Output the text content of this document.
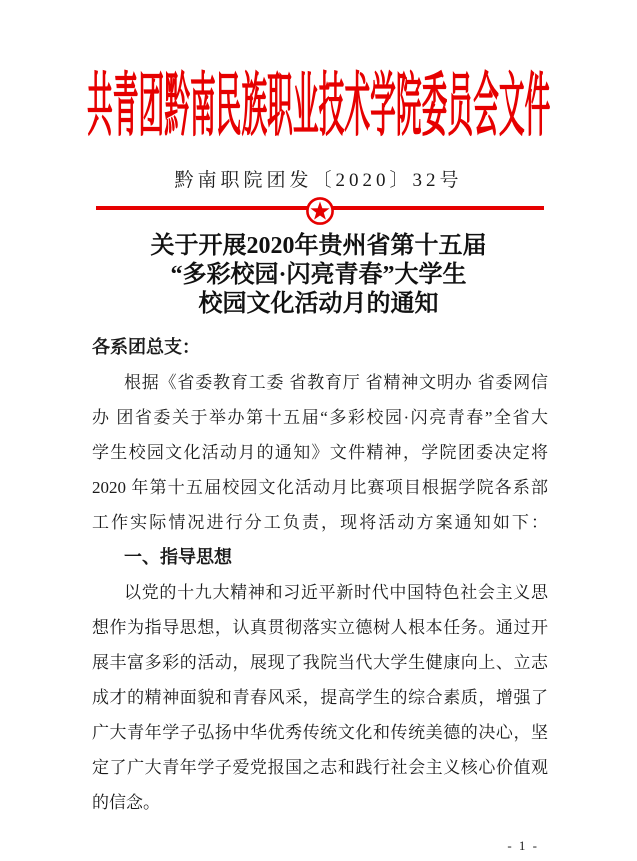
共青团黔南民族职业技术学院委员会文件
黔南职院团发〔2020〕32号
关于开展2020年贵州省第十五届
“多彩校园·闪亮青春”大学生
校园文化活动月的通知
各系团总支：
根据《省委教育工委 省教育厅 省精神文明办 省委网信
办 团省委关于举办第十五届“多彩校园·闪亮青春”全省大
学生校园文化活动月的通知》文件精神，学院团委决定将
2020 年第十五届校园文化活动月比赛项目根据学院各系部
工作实际情况进行分工负责，现将活动方案通知如下：
一、指导思想
以党的十九大精神和习近平新时代中国特色社会主义思
想作为指导思想，认真贯彻落实立德树人根本任务。通过开
展丰富多彩的活动，展现了我院当代大学生健康向上、立志
成才的精神面貌和青春风采，提高学生的综合素质，增强了
广大青年学子弘扬中华优秀传统文化和传统美德的决心，坚
定了广大青年学子爱党报国之志和践行社会主义核心价值观
的信念。
- 1 -
